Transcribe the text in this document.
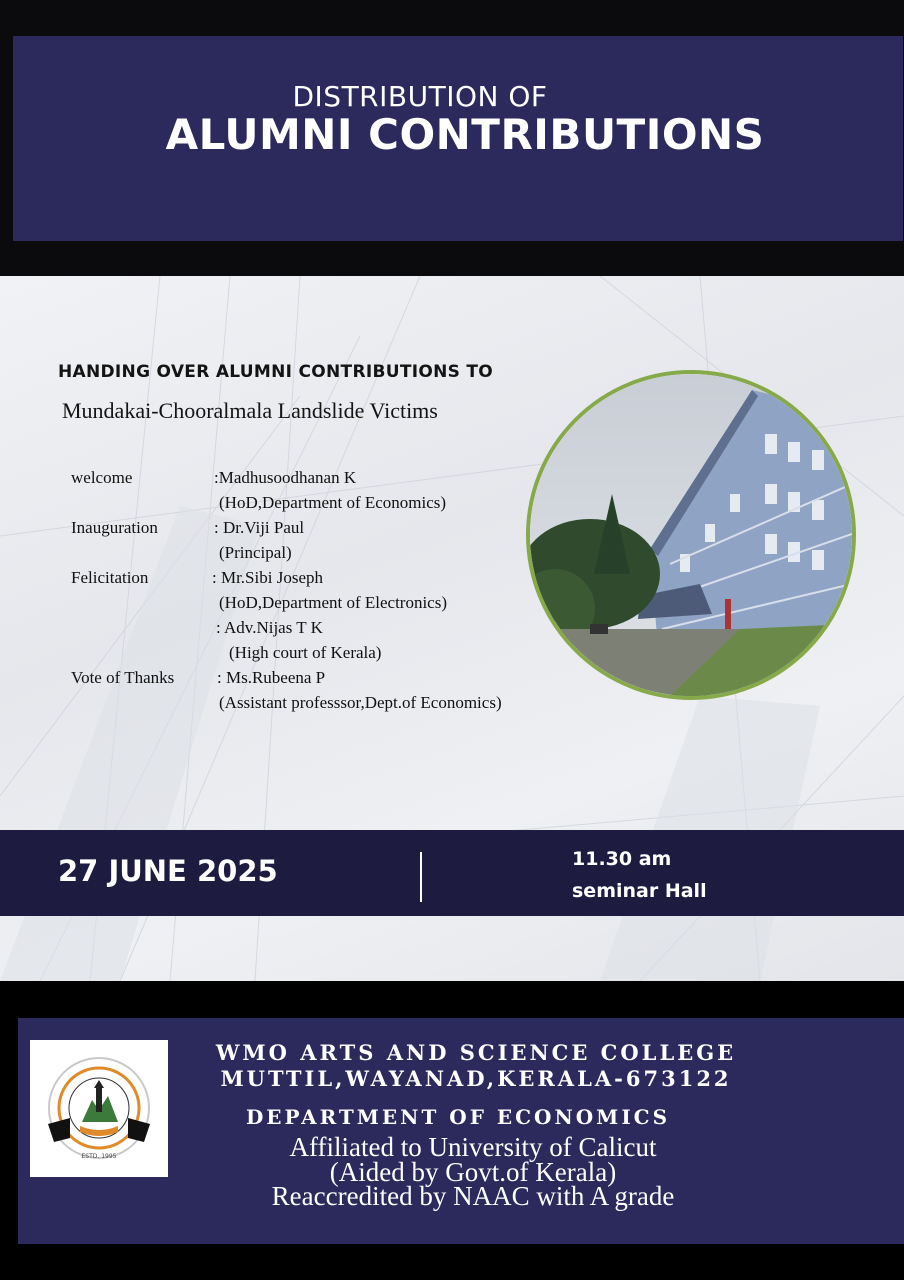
DISTRIBUTION OF
ALUMNI CONTRIBUTIONS
HANDING OVER ALUMNI CONTRIBUTIONS TO
Mundakai-Chooralmala Landslide Victims
welcome	:Madhusoodhanan K
(HoD,Department of Economics)
Inauguration	: Dr.Viji Paul
(Principal)
Felicitation	: Mr.Sibi Joseph
(HoD,Department of Electronics)
: Adv.Nijas T K
(High court of Kerala)
Vote of Thanks	: Ms.Rubeena P
(Assistant professsor,Dept.of Economics)
27 JUNE 2025	11.30 am
seminar Hall
ESTD. 1995
WMO ARTS AND SCIENCE COLLEGE
MUTTIL,WAYANAD,KERALA-673122
DEPARTMENT OF ECONOMICS
Affiliated to University of Calicut
(Aided by Govt.of Kerala)
Reaccredited by NAAC with A grade
